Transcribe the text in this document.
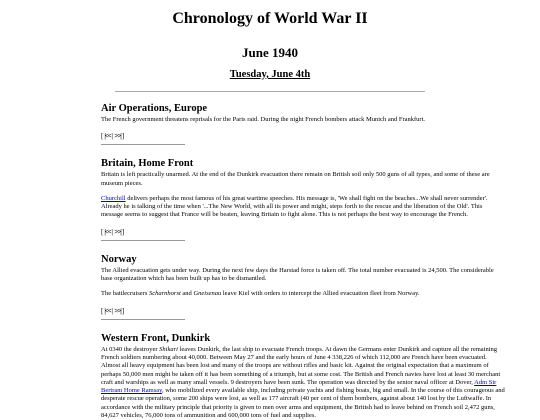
Chronology of World War II
June 1940
Tuesday, June 4th
Air Operations, Europe

The French government threatens reprisals for the Paris raid. During the night French bombers attack Munich and Frankfurt.

[ |<< | >>| ]
Britain, Home Front

Britain is left practically unarmed. At the end of the Dunkirk evacuation there remain on British soil only 500 guns of all types, and some of these are museum pieces.

Churchill delivers perhaps the most famous of his great wartime speeches. His message is, 'We shall fight on the beaches...We shall never surrender'. Already he is talking of the time when '...The New World, with all its power and might, steps forth to the rescue and the liberation of the Old'. This message seems to suggest that France will be beaten, leaving Britain to fight alone. This is not perhaps the best way to encourage the French.

[ |<< | >>| ]
Norway

The Allied evacuation gets under way. During the next few days the Harstad force is taken off. The total number evacuated is 24,500. The considerable base organization which has been built up has to be dismantled.

The battlecruisers Scharnhorst and Gneisenau leave Kiel with orders to intercept the Allied evacuation fleet from Norway.

[ |<< | >>| ]
Western Front, Dunkirk

At 0340 the destroyer Shikari leaves Dunkirk, the last ship to evacuate French troops. At dawn the Germans enter Dunkirk and capture all the remaining French soldiers numbering about 40,000. Between May 27 and the early hours of June 4 338,226 of which 112,000 are French have been evacuated. Almost all heavy equipment has been lost and many of the troops are without rifles and basic kit. Against the original expectation that a maximum of perhaps 50,000 men might be taken off it has been something of a triumph, but at some cost. The British and French navies have lost at least 30 merchant craft and warships as well as many small vessels. 9 destroyers have been sunk. The operation was directed by the senior naval officer at Dover, Adm Sir Bertram Home Ramsay, who mobilized every available ship, including private yachts and fishing boats, big and small. In the course of this courageous and desperate rescue operation, some 200 ships were lost, as well as 177 aircraft (40 per cent of them bombers, against about 140 lost by the Luftwaffe. In accordance with the military principle that priority is given to men over arms and equipment, the British had to leave behind on French soil 2,472 guns, 84,627 vehicles, 76,000 tons of ammunition and 600,000 tons of fuel and supplies.
